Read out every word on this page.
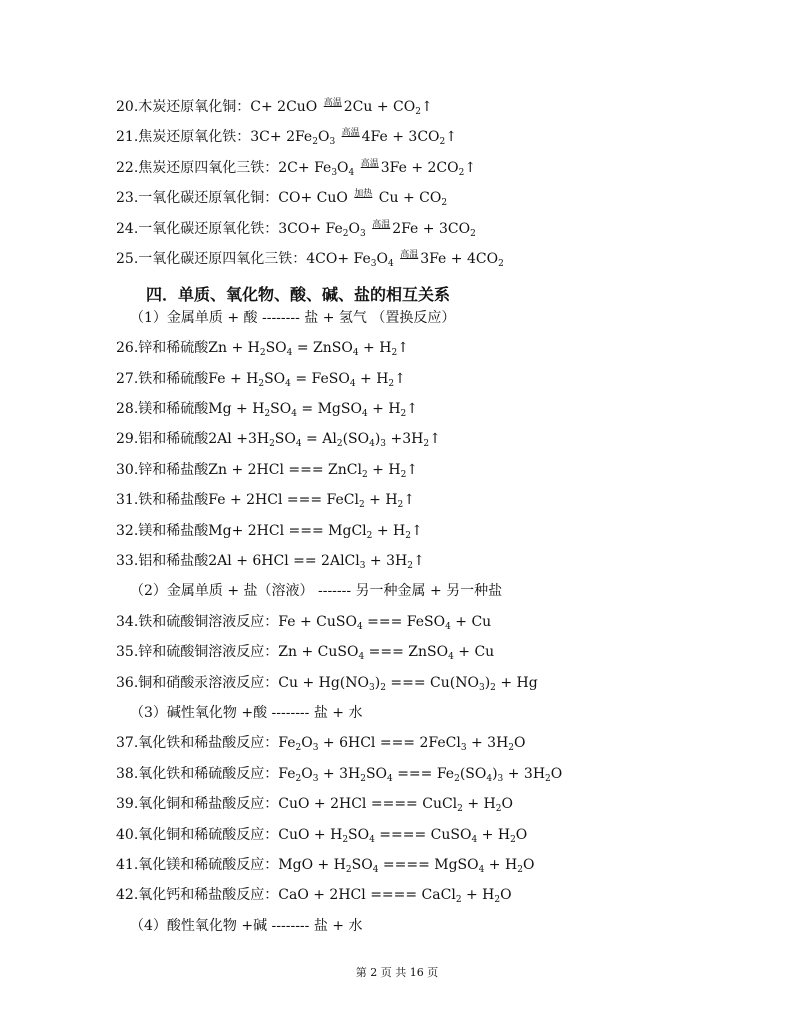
20.木炭还原氧化铜：C+ 2CuO 高温 $2Cu + CO_2↑$
21.焦炭还原氧化铁：$3C+ 2Fe_2O_3$ 高温 $4Fe + 3CO_2↑$
22.焦炭还原四氧化三铁：$2C+ Fe_3O_4$ 高温 $3Fe + 2CO_2↑$
23.一氧化碳还原氧化铜：CO+ CuO 加热 $Cu + CO_2$
24.一氧化碳还原氧化铁：$3CO+ Fe_2O_3$ 高温 $2Fe + 3CO_2$
25.一氧化碳还原四氧化三铁：$4CO+ Fe_3O_4$ 高温 $3Fe + 4CO_2$
（1）金属单质 + 酸 -------- 盐 + 氢气 （置换反应）
26.锌和稀硫酸$Zn + H_2SO_4$ = ZnSO$_4$ + $H_2↑$
27.铁和稀硫酸$Fe + H_2SO_4$ = FeSO$_4$ + $H_2↑$
28.镁和稀硫酸$Mg + H_2SO_4$ = MgSO$_4$ + $H_2↑$
29.铝和稀硫酸$2Al +3H_2SO_4 = Al_2(SO_4)_3$ $+3H_2↑$
30.锌和稀盐酸Zn + 2HCl === ZnCl$_2$ + $H_2↑$
31.铁和稀盐酸Fe + 2HCl === FeCl$_2$ + $H_2↑$
32.镁和稀盐酸Mg+ 2HCl === MgCl$_2$ + $H_2↑$
33.铝和稀盐酸2Al + 6HCl == 2AlCl$_3$ + $3H_2↑$
（2）金属单质 + 盐（溶液） ------- 另一种金属 + 另一种盐
34.铁和硫酸铜溶液反应：Fe + CuSO$_4$ === FeSO$_4$ + Cu
35.锌和硫酸铜溶液反应：Zn + CuSO$_4$ === ZnSO$_4$ + Cu
36.铜和硝酸汞溶液反应：$Cu + Hg(NO_3)_2$ === $Cu(NO_3)_2 + Hg$
（3）碱性氧化物 +酸 -------- 盐 + 水
37.氧化铁和稀盐酸反应：$Fe_2O_3 + 6HCl$ === 2FeCl$_3$ + $3H_2O$
38.氧化铁和稀硫酸反应：$Fe_2O_3 + 3H_2SO_4$ === $Fe_2(SO_4)_3 + 3H_2O$
39.氧化铜和稀盐酸反应：CuO + 2HCl ==== CuCl$_2$ + $H_2O$
40.氧化铜和稀硫酸反应：CuO + $H_2SO_4$ ==== CuSO$_4$ + $H_2O$
41.氧化镁和稀硫酸反应：MgO + $H_2SO_4$ ==== MgSO$_4$ + $H_2O$
42.氧化钙和稀盐酸反应：CaO + 2HCl ==== CaCl$_2$ + $H_2O$
（4）酸性氧化物 +碱 -------- 盐 + 水
四．单质、氧化物、酸、碱、盐的相互关系
第 2 页 共 16 页
